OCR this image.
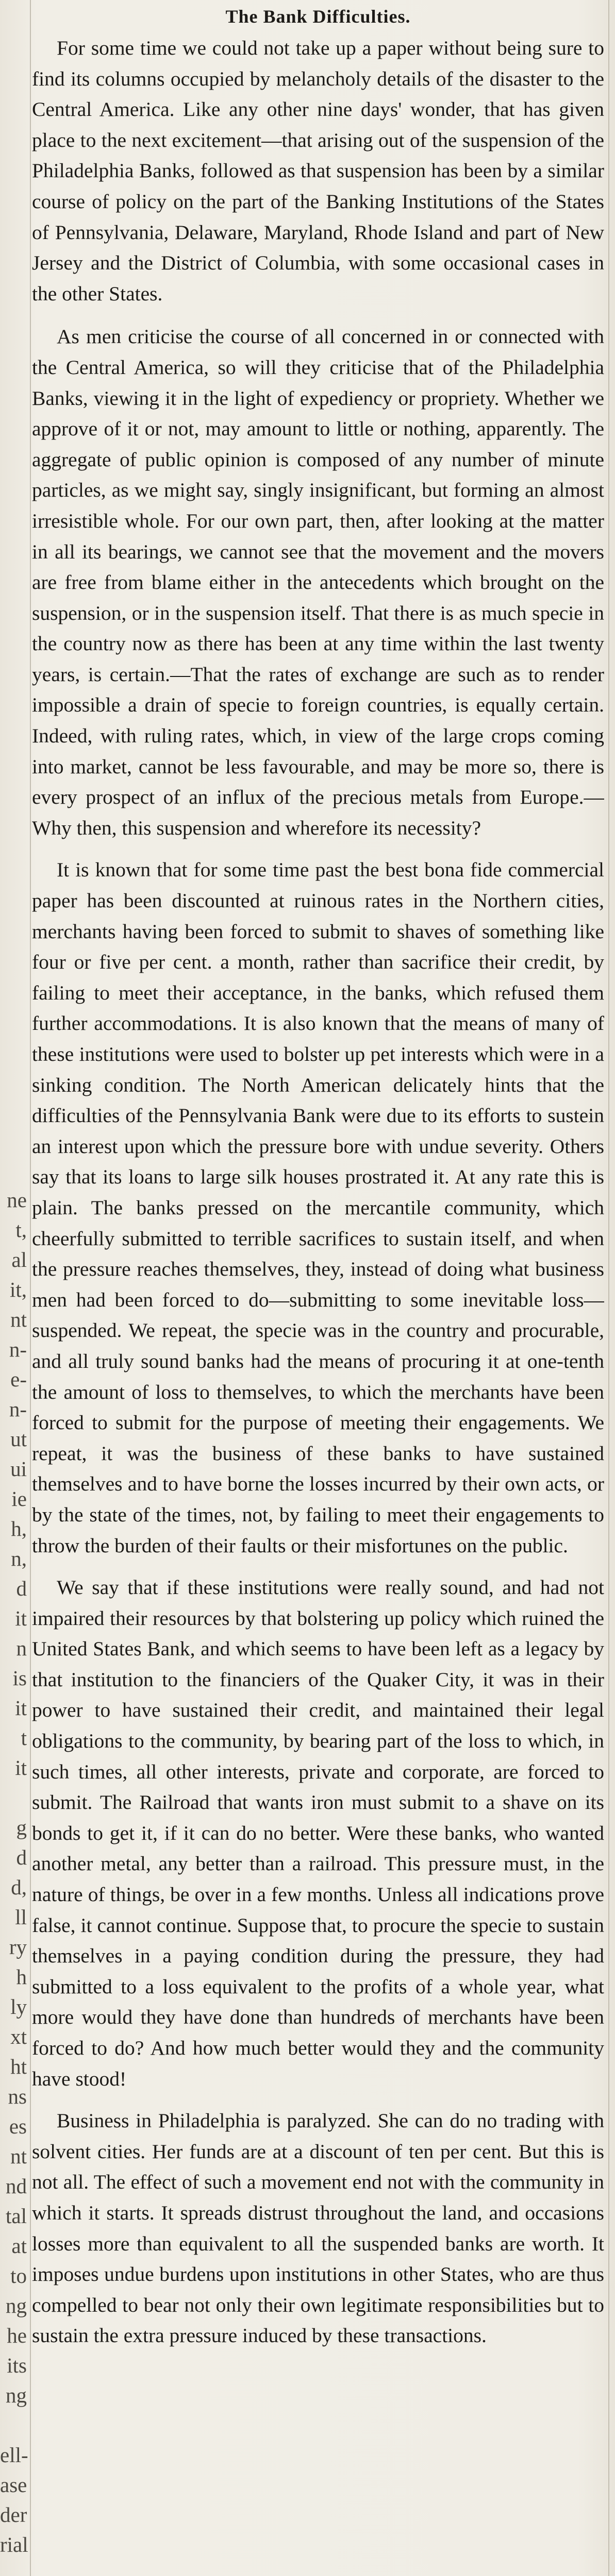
ne
t,
al
it,
nt
n-
e-
n-
ut
ui
ie
h,
n,
d
it
n
is
it
t
it

g
d
d,
ll
ry
h
ly
xt
ht
ns
es
nt
nd
tal
at
to
ng
he
its
ng

ell-
ase
der
rial
The Bank Difficulties.

For some time we could not take up a paper without being sure to find its columns occupied by melancholy details of the disaster to the Central America. Like any other nine days' wonder, that has given place to the next excitement—that arising out of the suspension of the Philadelphia Banks, followed as that suspension has been by a similar course of policy on the part of the Banking Institutions of the States of Pennsylvania, Delaware, Maryland, Rhode Island and part of New Jersey and the District of Columbia, with some occasional cases in the other States.

As men criticise the course of all concerned in or connected with the Central America, so will they criticise that of the Philadelphia Banks, viewing it in the light of expediency or propriety. Whether we approve of it or not, may amount to little or nothing, apparently. The aggregate of public opinion is composed of any number of minute particles, as we might say, singly insignificant, but forming an almost irresistible whole. For our own part, then, after looking at the matter in all its bearings, we cannot see that the movement and the movers are free from blame either in the antecedents which brought on the suspension, or in the suspension itself. That there is as much specie in the country now as there has been at any time within the last twenty years, is certain.—That the rates of exchange are such as to render impossible a drain of specie to foreign countries, is equally certain. Indeed, with ruling rates, which, in view of the large crops coming into market, cannot be less favourable, and may be more so, there is every prospect of an influx of the precious metals from Europe.—Why then, this suspension and wherefore its necessity?

It is known that for some time past the best bona fide commercial paper has been discounted at ruinous rates in the Northern cities, merchants having been forced to submit to shaves of something like four or five per cent. a month, rather than sacrifice their credit, by failing to meet their acceptance, in the banks, which refused them further accommodations. It is also known that the means of many of these institutions were used to bolster up pet interests which were in a sinking condition. The North American delicately hints that the difficulties of the Pennsylvania Bank were due to its efforts to sustein an interest upon which the pressure bore with undue severity. Others say that its loans to large silk houses prostrated it. At any rate this is plain. The banks pressed on the mercantile community, which cheerfully submitted to terrible sacrifices to sustain itself, and when the pressure reaches themselves, they, instead of doing what business men had been forced to do—submitting to some inevitable loss—suspended. We repeat, the specie was in the country and procurable, and all truly sound banks had the means of procuring it at one-tenth the amount of loss to themselves, to which the merchants have been forced to submit for the purpose of meeting their engagements. We repeat, it was the business of these banks to have sustained themselves and to have borne the losses incurred by their own acts, or by the state of the times, not, by failing to meet their engagements to throw the burden of their faults or their misfortunes on the public.

We say that if these institutions were really sound, and had not impaired their resources by that bolstering up policy which ruined the United States Bank, and which seems to have been left as a legacy by that institution to the financiers of the Quaker City, it was in their power to have sustained their credit, and maintained their legal obligations to the community, by bearing part of the loss to which, in such times, all other interests, private and corporate, are forced to submit. The Railroad that wants iron must submit to a shave on its bonds to get it, if it can do no better. Were these banks, who wanted another metal, any better than a railroad. This pressure must, in the nature of things, be over in a few months. Unless all indications prove false, it cannot continue. Suppose that, to procure the specie to sustain themselves in a paying condition during the pressure, they had submitted to a loss equivalent to the profits of a whole year, what more would they have done than hundreds of merchants have been forced to do? And how much better would they and the community have stood!

Business in Philadelphia is paralyzed. She can do no trading with solvent cities. Her funds are at a discount of ten per cent. But this is not all. The effect of such a movement end not with the community in which it starts. It spreads distrust throughout the land, and occasions losses more than equivalent to all the suspended banks are worth. It imposes undue burdens upon institutions in other States, who are thus compelled to bear not only their own legitimate responsibilities but to sustain the extra pressure induced by these transactions.
